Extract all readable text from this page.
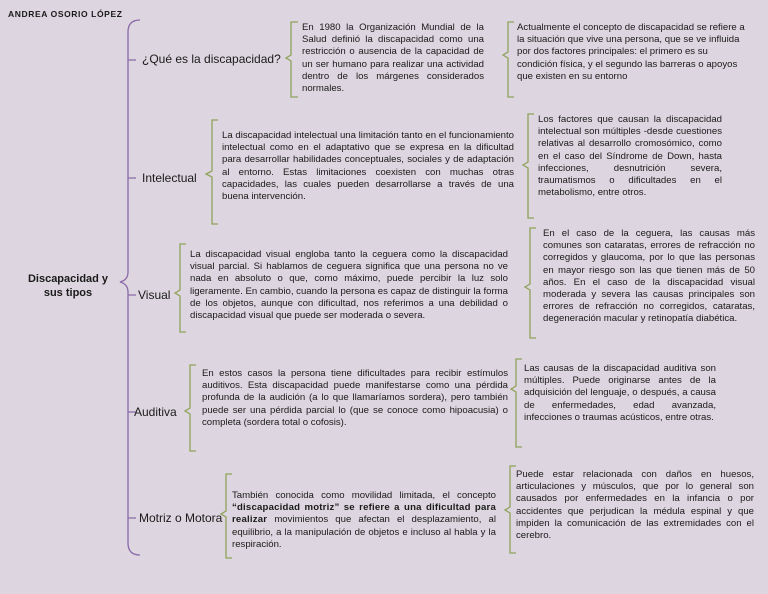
ANDREA OSORIO LÓPEZ
Discapacidad y sus tipos
¿Qué es la discapacidad?
En 1980 la Organización Mundial de la Salud definió la discapacidad como una restricción o ausencia de la capacidad de un ser humano para realizar una actividad dentro de los márgenes considerados normales.
Actualmente el concepto de discapacidad se refiere a la situación que vive una persona, que se ve influida por dos factores principales: el primero es su condición física, y el segundo las barreras o apoyos que existen en su entorno
Intelectual
La discapacidad intelectual una limitación tanto en el funcionamiento intelectual como en el adaptativo que se expresa en la dificultad para desarrollar habilidades conceptuales, sociales y de adaptación al entorno. Estas limitaciones coexisten con muchas otras capacidades, las cuales pueden desarrollarse a través de una buena intervención.
Los factores que causan la discapacidad intelectual son múltiples -desde cuestiones relativas al desarrollo cromosómico, como en el caso del Síndrome de Down, hasta infecciones, desnutrición severa, traumatismos o dificultades en el metabolismo, entre otros.
Visual
La discapacidad visual engloba tanto la ceguera como la discapacidad visual parcial. Si hablamos de ceguera significa que una persona no ve nada en absoluto o que, como máximo, puede percibir la luz solo ligeramente. En cambio, cuando la persona es capaz de distinguir la forma de los objetos, aunque con dificultad, nos referimos a una debilidad o discapacidad visual que puede ser moderada o severa.
En el caso de la ceguera, las causas más comunes son cataratas, errores de refracción no corregidos y glaucoma, por lo que las personas en mayor riesgo son las que tienen más de 50 años. En el caso de la discapacidad visual moderada y severa las causas principales son errores de refracción no corregidos, cataratas, degeneración macular y retinopatía diabética.
Auditiva
En estos casos la persona tiene dificultades para recibir estímulos auditivos. Esta discapacidad puede manifestarse como una pérdida profunda de la audición (a lo que llamaríamos sordera), pero también puede ser una pérdida parcial lo (que se conoce como hipoacusia) o completa (sordera total o cofosis).
Las causas de la discapacidad auditiva son múltiples. Puede originarse antes de la adquisición del lenguaje, o después, a causa de enfermedades, edad avanzada, infecciones o traumas acústicos, entre otras.
Motriz o Motora
También conocida como movilidad limitada, el concepto “discapacidad motriz” se refiere a una dificultad para realizar movimientos que afectan el desplazamiento, al equilibrio, a la manipulación de objetos e incluso al habla y la respiración.
Puede estar relacionada con daños en huesos, articulaciones y músculos, que por lo general son causados por enfermedades en la infancia o por accidentes que perjudican la médula espinal y que impiden la comunicación de las extremidades con el cerebro.
